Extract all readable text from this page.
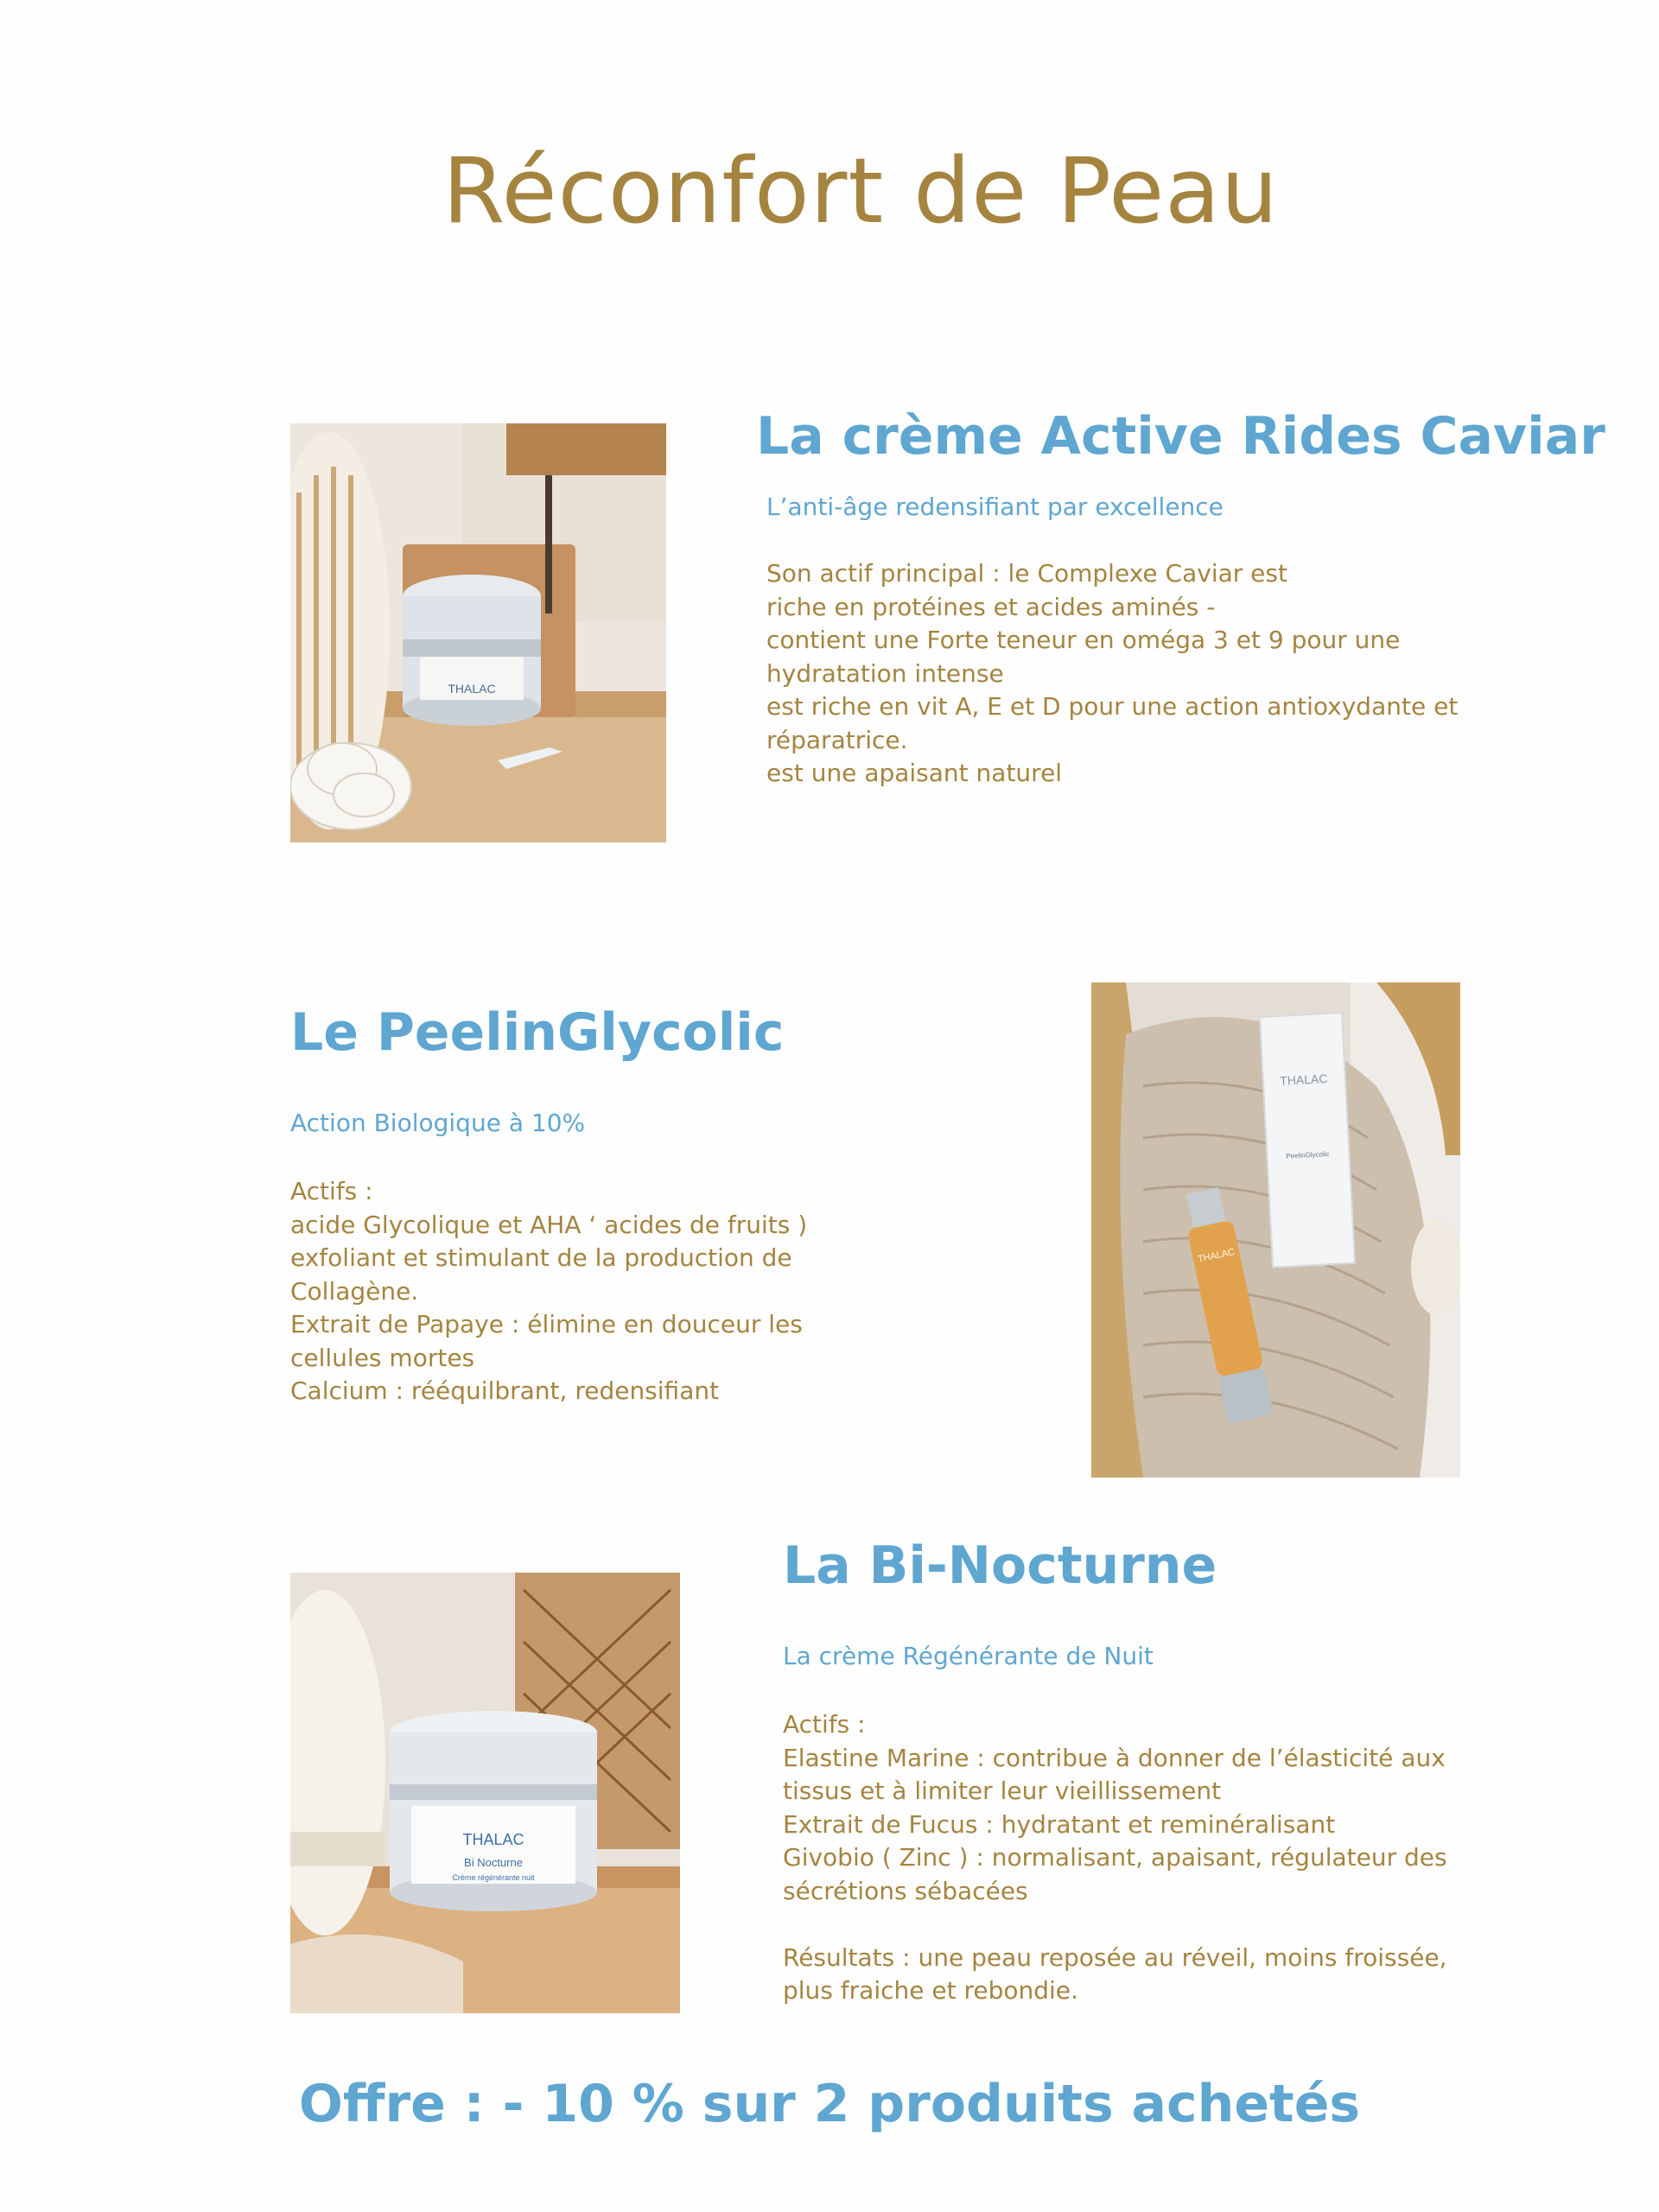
Réconfort de Peau
THALAC
La crème Active Rides Caviar

L’anti-âge redensifiant par excellence

Son actif principal : le Complexe Caviar est
riche en protéines et acides aminés -
contient une Forte teneur en oméga 3 et 9 pour une
hydratation intense
est riche en vit A, E et D pour une action antioxydante et
réparatrice.
est une apaisant naturel
Le PeelinGlycolic

Action Biologique à 10%

Actifs :
acide Glycolique et AHA ‘ acides de fruits )
exfoliant et stimulant de la production de
Collagène.
Extrait de Papaye : élimine en douceur les
cellules mortes
Calcium : rééquilbrant, redensifiant
THALAC
PeelinGlycolic
THALAC
THALAC
Bi Nocturne
Crème régénérante nuit
La Bi-Nocturne

La crème Régénérante de Nuit

Actifs :
Elastine Marine : contribue à donner de l’élasticité aux
tissus et à limiter leur vieillissement
Extrait de Fucus : hydratant et reminéralisant
Givobio ( Zinc ) : normalisant, apaisant, régulateur des
sécrétions sébacées
Résultats : une peau reposée au réveil, moins froissée,
plus fraiche et rebondie.

Offre : - 10 % sur 2 produits achetés
